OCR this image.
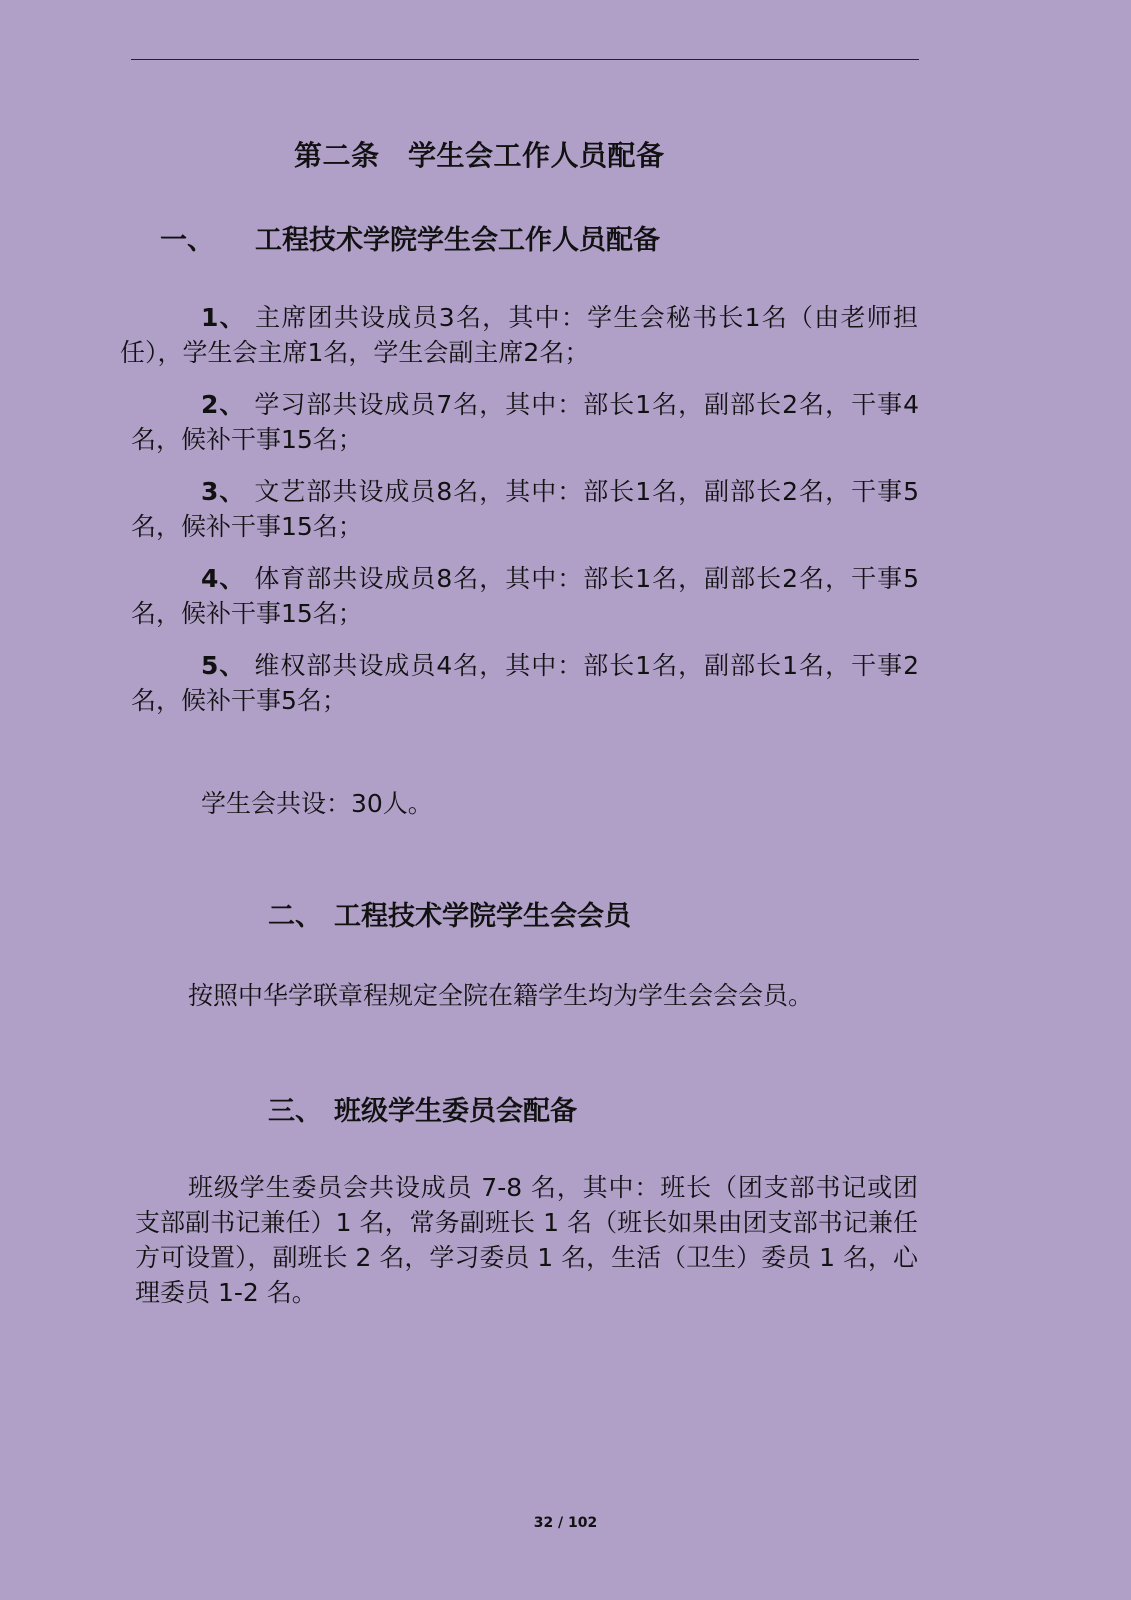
第二条　学生会工作人员配备
一、 工程技术学院学生会工作人员配备
1、 主席团共设成员3名，其中：学生会秘书长1名（由老师担任），学生会主席1名，学生会副主席2名；
2、 学习部共设成员7名，其中：部长1名，副部长2名，干事4名，候补干事15名；
3、 文艺部共设成员8名，其中：部长1名，副部长2名，干事5名，候补干事15名；
4、 体育部共设成员8名，其中：部长1名，副部长2名，干事5名，候补干事15名；
5、 维权部共设成员4名，其中：部长1名，副部长1名，干事2名，候补干事5名；
学生会共设：30人。
二、 工程技术学院学生会会员
按照中华学联章程规定全院在籍学生均为学生会会会员。
三、 班级学生委员会配备
班级学生委员会共设成员 7-8 名，其中：班长（团支部书记或团支部副书记兼任）1 名，常务副班长 1 名（班长如果由团支部书记兼任方可设置），副班长 2 名，学习委员 1 名，生活（卫生）委员 1 名，心理委员 1-2 名。
32 / 102
